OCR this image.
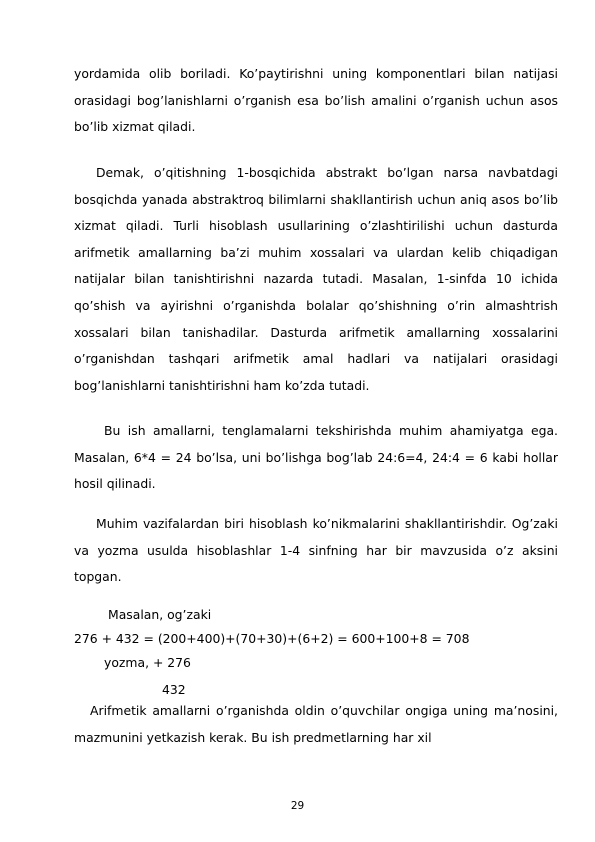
yordamida olib boriladi. Ko’paytirishni uning komponentlari bilan natijasi orasidagi bog’lanishlarni o’rganish esa bo’lish amalini o’rganish uchun asos bo’lib xizmat qiladi.

Demak, o’qitishning 1-bosqichida abstrakt bo’lgan narsa navbatdagi bosqichda yanada abstraktroq bilimlarni shakllantirish uchun aniq asos bo’lib xizmat qiladi. Turli hisoblash usullarining o’zlashtirilishi uchun dasturda arifmetik amallarning ba’zi muhim xossalari va ulardan kelib chiqadigan natijalar bilan tanishtirishni nazarda tutadi. Masalan, 1-sinfda 10 ichida qo’shish va ayirishni o’rganishda bolalar qo’shishning o’rin almashtrish xossalari bilan tanishadilar. Dasturda arifmetik amallarning xossalarini o’rganishdan tashqari arifmetik amal hadlari va natijalari orasidagi bog’lanishlarni tanishtirishni ham ko’zda tutadi.

Bu ish amallarni, tenglamalarni tekshirishda muhim ahamiyatga ega. Masalan, 6*4 = 24 bo’lsa, uni bo’lishga bog’lab 24:6=4, 24:4 = 6 kabi hollar hosil qilinadi.

Muhim vazifalardan biri hisoblash ko’nikmalarini shakllantirishdir. Og’zaki va yozma usulda hisoblashlar 1-4 sinfning har bir mavzusida o’z aksini topgan.

Masalan, og’zaki
276 + 432 = (200+400)+(70+30)+(6+2) = 600+100+8 = 708
yozma, + 276
432

Arifmetik amallarni o’rganishda oldin o’quvchilar ongiga uning ma’nosini, mazmunini yetkazish kerak. Bu ish predmetlarning har xil

29
